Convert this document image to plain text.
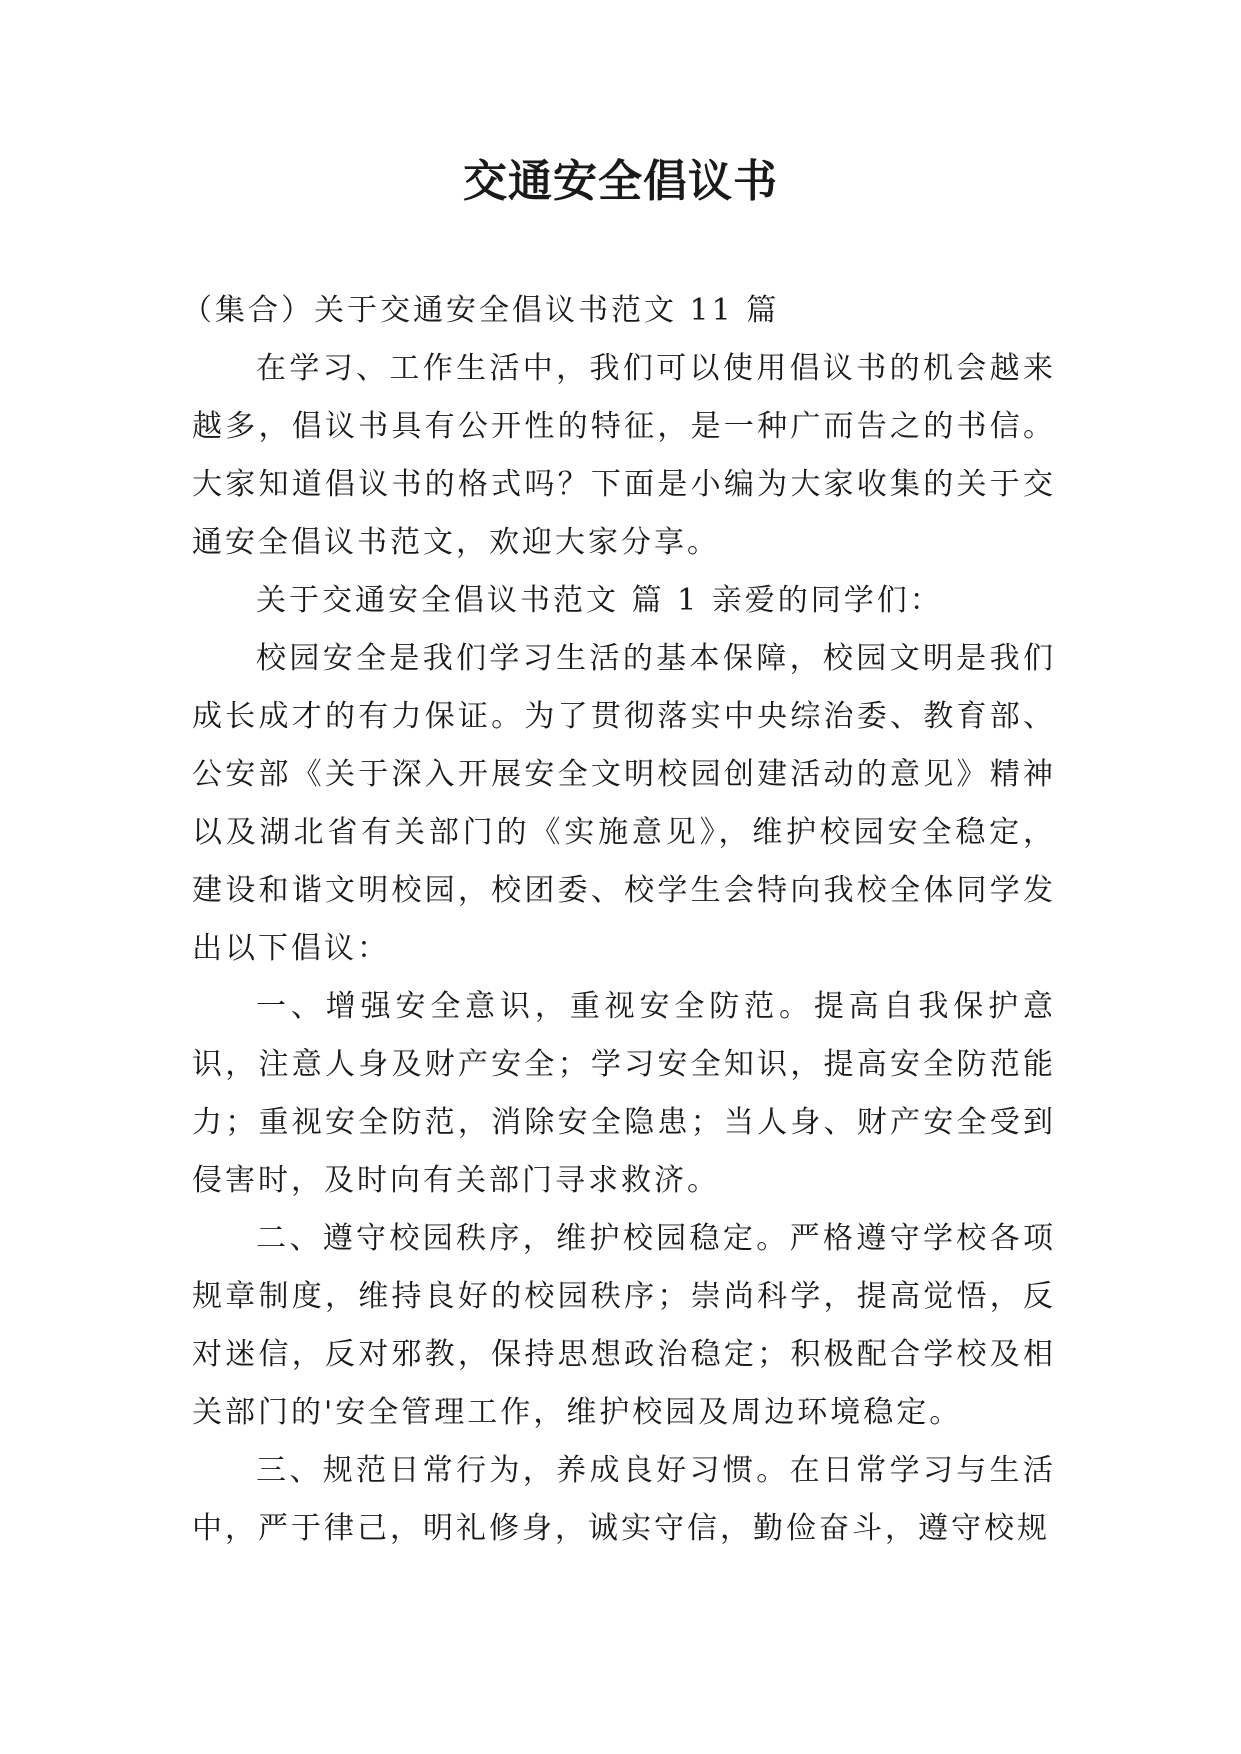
交通安全倡议书

（集合）关于交通安全倡议书范文 11 篇

在学习、工作生活中，我们可以使用倡议书的机会越来越多，倡议书具有公开性的特征，是一种广而告之的书信。大家知道倡议书的格式吗？下面是小编为大家收集的关于交通安全倡议书范文，欢迎大家分享。

关于交通安全倡议书范文 篇 1 亲爱的同学们：

校园安全是我们学习生活的基本保障，校园文明是我们成长成才的有力保证。为了贯彻落实中央综治委、教育部、公安部《关于深入开展安全文明校园创建活动的意见》精神以及湖北省有关部门的《实施意见》，维护校园安全稳定，建设和谐文明校园，校团委、校学生会特向我校全体同学发出以下倡议：

一、增强安全意识，重视安全防范。提高自我保护意识，注意人身及财产安全；学习安全知识，提高安全防范能力；重视安全防范，消除安全隐患；当人身、财产安全受到侵害时，及时向有关部门寻求救济。

二、遵守校园秩序，维护校园稳定。严格遵守学校各项规章制度，维持良好的校园秩序；崇尚科学，提高觉悟，反对迷信，反对邪教，保持思想政治稳定；积极配合学校及相关部门的'安全管理工作，维护校园及周边环境稳定。

三、规范日常行为，养成良好习惯。在日常学习与生活中，严于律己，明礼修身，诚实守信，勤俭奋斗，遵守校规
